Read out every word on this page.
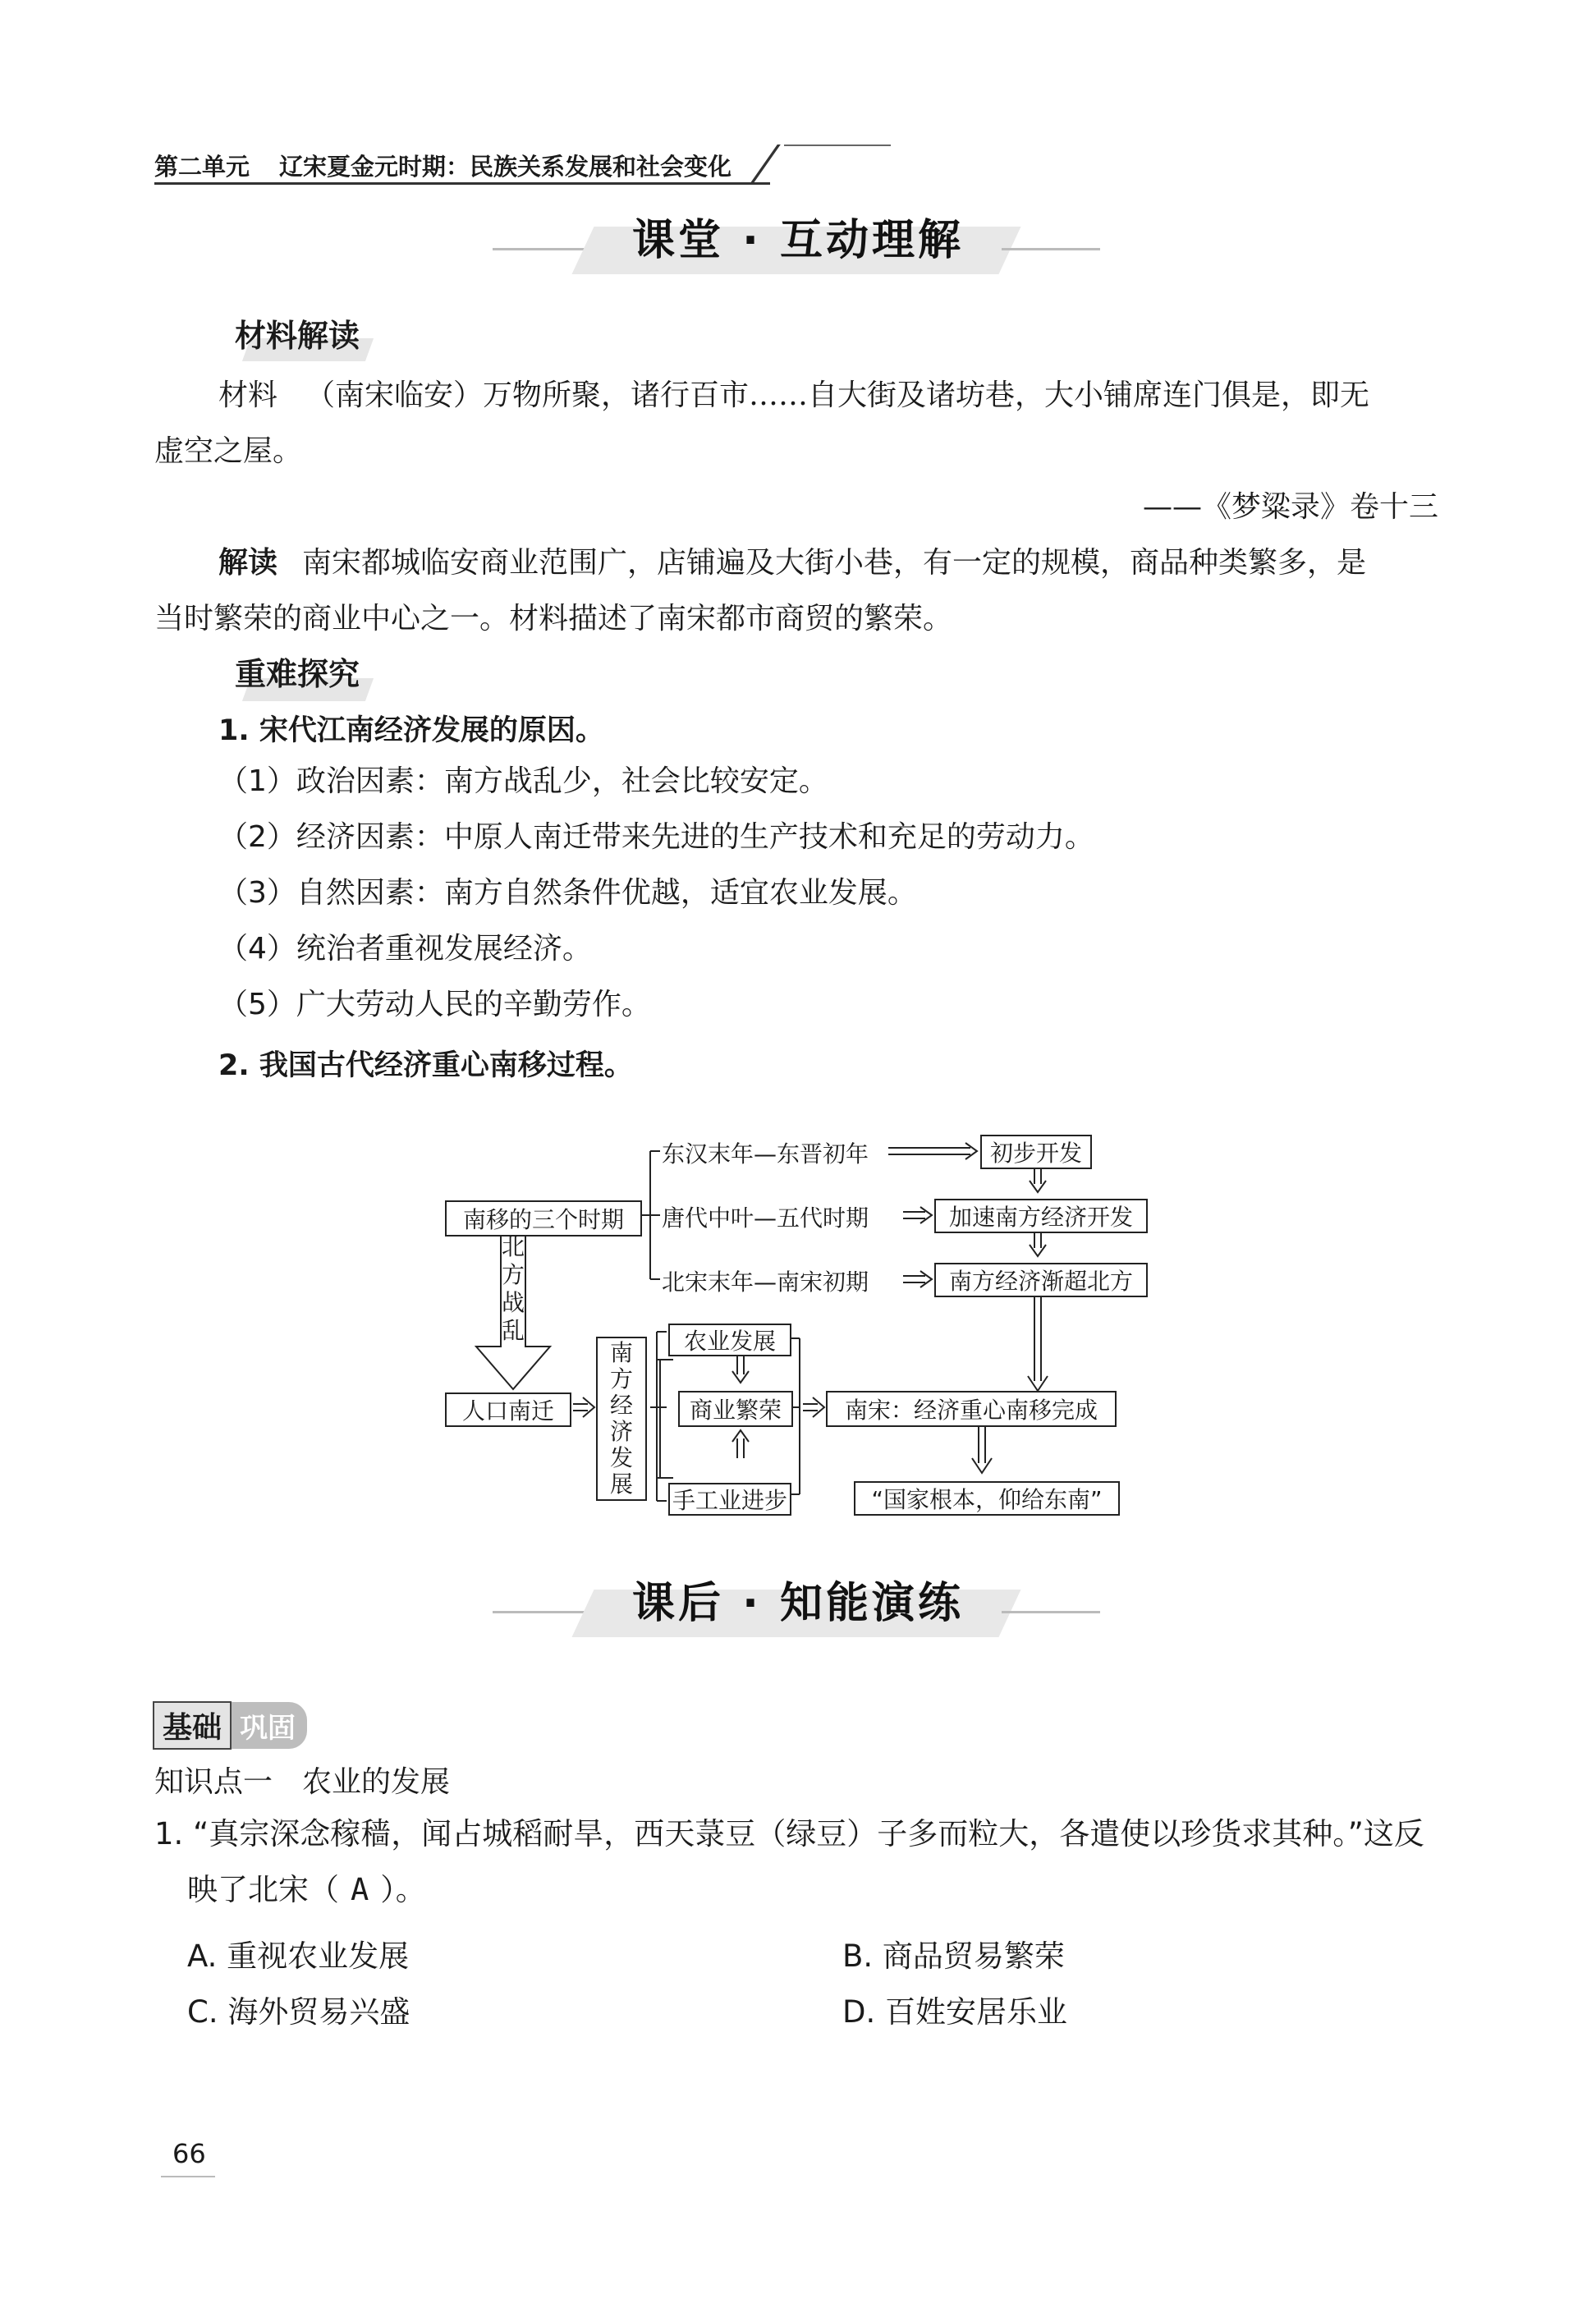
第二单元 辽宋夏金元时期：民族关系发展和社会变化
课堂 · 互动理解
材料解读
材料 （南宋临安）万物所聚，诸行百市……自大街及诸坊巷，大小铺席连门俱是，即无
虚空之屋。
——《梦粱录》卷十三
解读 南宋都城临安商业范围广，店铺遍及大街小巷，有一定的规模，商品种类繁多，是
当时繁荣的商业中心之一。材料描述了南宋都市商贸的繁荣。
重难探究
1. 宋代江南经济发展的原因。
（1）政治因素：南方战乱少，社会比较安定。
（2）经济因素：中原人南迁带来先进的生产技术和充足的劳动力。
（3）自然因素：南方自然条件优越，适宜农业发展。
（4）统治者重视发展经济。
（5）广大劳动人民的辛勤劳作。
2. 我国古代经济重心南移过程。
南移的三个时期
东汉末年—东晋初年
唐代中叶—五代时期
北宋末年—南宋初期
初步开发
加速南方经济开发
南方经济渐超北方
北方战乱
人口南迁
南方经济发展
农业发展
商业繁荣
手工业进步
南宋：经济重心南移完成
“国家根本，仰给东南”
课后 · 知能演练
基础 巩固
知识点一　农业的发展
1. “真宗深念稼穑，闻占城稻耐旱，西天菉豆（绿豆）子多而粒大，各遣使以珍货求其种。”这反
映了北宋（ A ）。
A. 重视农业发展	B. 商品贸易繁荣
C. 海外贸易兴盛	D. 百姓安居乐业
66
